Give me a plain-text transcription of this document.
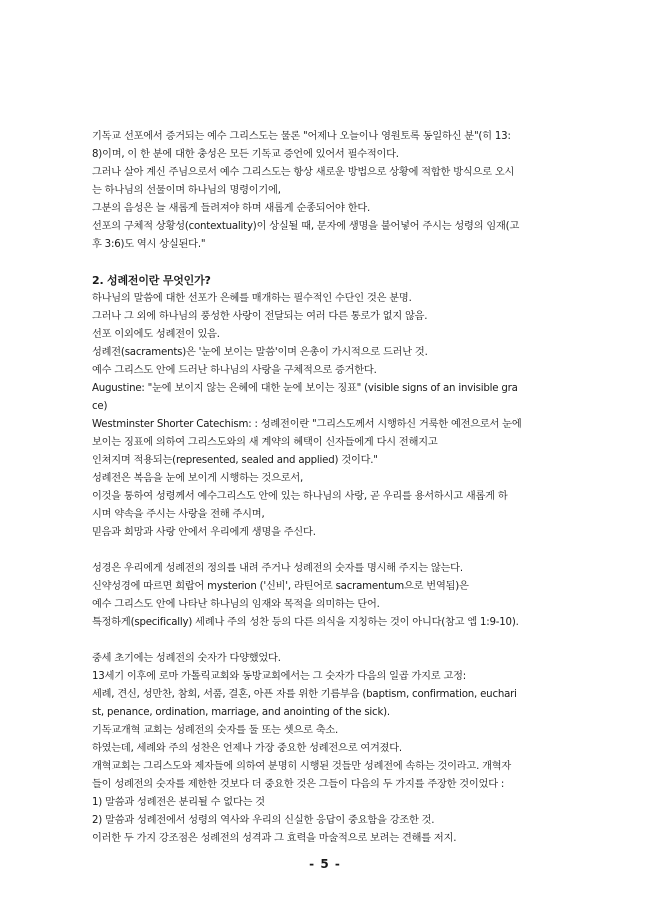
기독교 선포에서 증거되는 예수 그리스도는 물론 "어제나 오늘이나 영원토록 동일하신 분"(히 13:
8)이며, 이 한 분에 대한 충성은 모든 기독교 증언에 있어서 필수적이다.
그러나 살아 계신 주님으로서 예수 그리스도는 항상 새로운 방법으로 상황에 적합한 방식으로 오시
는 하나님의 선물이며 하나님의 명령이기에,
그분의 음성은 늘 새롭게 들려져야 하며 새롭게 순종되어야 한다.
선포의 구체적 상황성(contextuality)이 상실될 때, 문자에 생명을 불어넣어 주시는 성령의 임재(고
후 3:6)도 역시 상실된다."
2. 성례전이란 무엇인가?
하나님의 말씀에 대한 선포가 은혜를 매개하는 필수적인 수단인 것은 분명.
그러나 그 외에 하나님의 풍성한 사랑이 전달되는 여러 다른 통로가 없지 않음.
선포 이외에도 성례전이 있음.
성례전(sacraments)은 '눈에 보이는 말씀'이며 은총이 가시적으로 드러난 것.
예수 그리스도 안에 드러난 하나님의 사랑을 구체적으로 증거한다.
Augustine: "눈에 보이지 않는 은혜에 대한 눈에 보이는 징표" (visible signs of an invisible gra
ce)
Westminster Shorter Catechism: : 성례전이란 "그리스도께서 시행하신 거룩한 예전으로서 눈에
보이는 징표에 의하여 그리스도와의 새 계약의 혜택이 신자들에게 다시 전해지고
인쳐지며 적용되는(represented, sealed and applied) 것이다."
성례전은 복음을 눈에 보이게 시행하는 것으로서,
이것을 통하여 성령께서 예수그리스도 안에 있는 하나님의 사랑, 곧 우리를 용서하시고 새롭게 하
시며 약속을 주시는 사랑을 전해 주시며,
믿음과 희망과 사랑 안에서 우리에게 생명을 주신다.
성경은 우리에게 성례전의 정의를 내려 주거나 성례전의 숫자를 명시해 주지는 않는다.
신약성경에 따르면 희랍어 mysterion ('신비', 라틴어로 sacramentum으로 번역됨)은
예수 그리스도 안에 나타난 하나님의 임재와 목적을 의미하는 단어.
특정하게(specifically) 세례나 주의 성찬 등의 다른 의식을 지칭하는 것이 아니다(참고 엡 1:9-10).
중세 초기에는 성례전의 숫자가 다양했었다.
13세기 이후에 로마 가톨릭교회와 동방교회에서는 그 숫자가 다음의 일곱 가지로 고정:
세례, 견신, 성만찬, 참회, 서품, 결혼, 아픈 자를 위한 기름부음 (baptism, confirmation, euchari
st, penance, ordination, marriage, and anointing of the sick).
기독교개혁 교회는 성례전의 숫자를 둘 또는 셋으로 축소.
하였는데, 세례와 주의 성찬은 언제나 가장 중요한 성례전으로 여겨졌다.
개혁교회는 그리스도와 제자들에 의하여 분명히 시행된 것들만 성례전에 속하는 것이라고. 개혁자
들이 성례전의 숫자를 제한한 것보다 더 중요한 것은 그들이 다음의 두 가지를 주장한 것이었다 :
1) 말씀과 성례전은 분리될 수 없다는 것
2) 말씀과 성례전에서 성령의 역사와 우리의 신실한 응답이 중요함을 강조한 것.
이러한 두 가지 강조점은 성례전의 성격과 그 효력을 마술적으로 보려는 견해를 저지.
- 5 -
